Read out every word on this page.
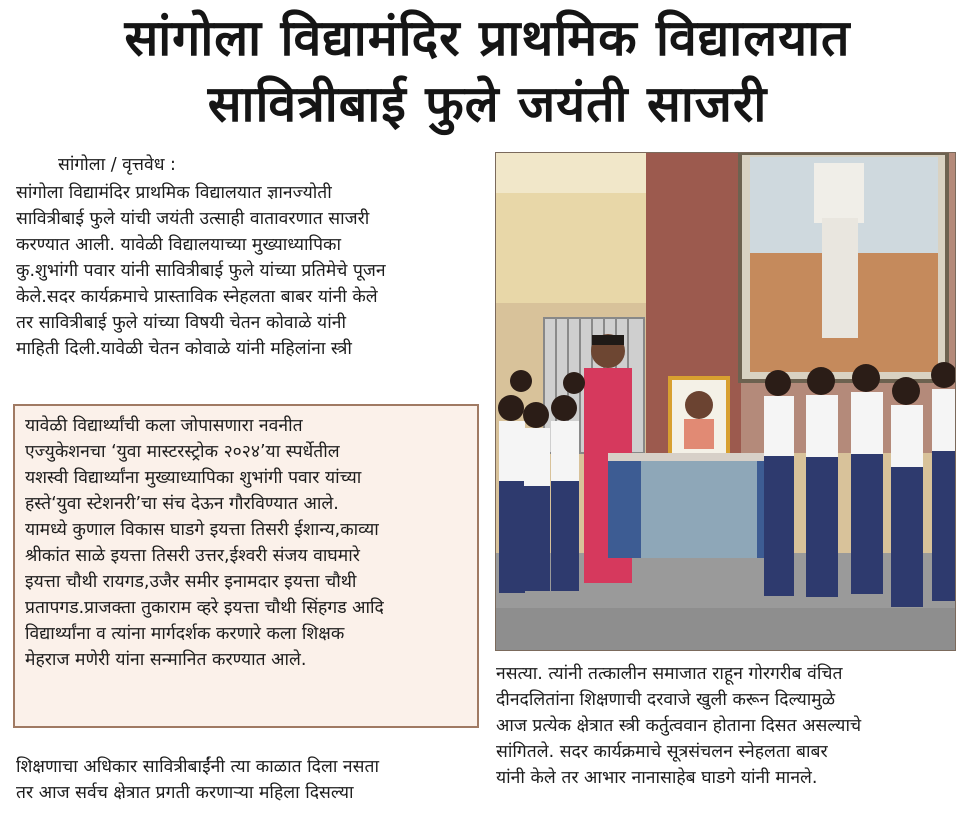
सांगोला विद्यामंदिर प्राथमिक विद्यालयात
सावित्रीबाई फुले जयंती साजरी
सांगोला / वृत्तवेध :
सांगोला विद्यामंदिर प्राथमिक विद्यालयात ज्ञानज्योती
सावित्रीबाई फुले यांची जयंती उत्साही वातावरणात साजरी
करण्यात आली. यावेळी विद्यालयाच्या मुख्याध्यापिका
कु.शुभांगी पवार यांनी सावित्रीबाई फुले यांच्या प्रतिमेचे पूजन
केले.सदर कार्यक्रमाचे प्रास्ताविक स्नेहलता बाबर यांनी केले
तर सावित्रीबाई फुले यांच्या विषयी चेतन कोवाळे यांनी
माहिती दिली.यावेळी चेतन कोवाळे यांनी महिलांना स्त्री
यावेळी विद्यार्थ्यांची कला जोपासणारा नवनीत
एज्युकेशनचा ‘युवा मास्टरस्ट्रोक २०२४’या स्पर्धेतील
यशस्वी विद्यार्थ्यांना मुख्याध्यापिका शुभांगी पवार यांच्या
हस्ते‘युवा स्टेशनरी’चा संच देऊन गौरविण्यात आले.
यामध्ये कुणाल विकास घाडगे इयत्ता तिसरी ईशान्य,काव्या
श्रीकांत साळे इयत्ता तिसरी उत्तर,ईश्वरी संजय वाघमारे
इयत्ता चौथी रायगड,उजैर समीर इनामदार इयत्ता चौथी
प्रतापगड.प्राजक्ता तुकाराम व्हरे इयत्ता चौथी सिंहगड आदि
विद्यार्थ्यांना व त्यांना मार्गदर्शक करणारे कला शिक्षक
मेहराज मणेरी यांना सन्मानित करण्यात आले.
शिक्षणाचा अधिकार सावित्रीबाईंनी त्या काळात दिला नसता
तर आज सर्वच क्षेत्रात प्रगती करणाऱ्या महिला दिसल्या
नसत्या. त्यांनी तत्कालीन समाजात राहून गोरगरीब वंचित
दीनदलितांना शिक्षणाची दरवाजे खुली करून दिल्यामुळे
आज प्रत्येक क्षेत्रात स्त्री कर्तुत्ववान होताना दिसत असल्याचे
सांगितले. सदर कार्यक्रमाचे सूत्रसंचलन स्नेहलता बाबर
यांनी केले तर आभार नानासाहेब घाडगे यांनी मानले.
